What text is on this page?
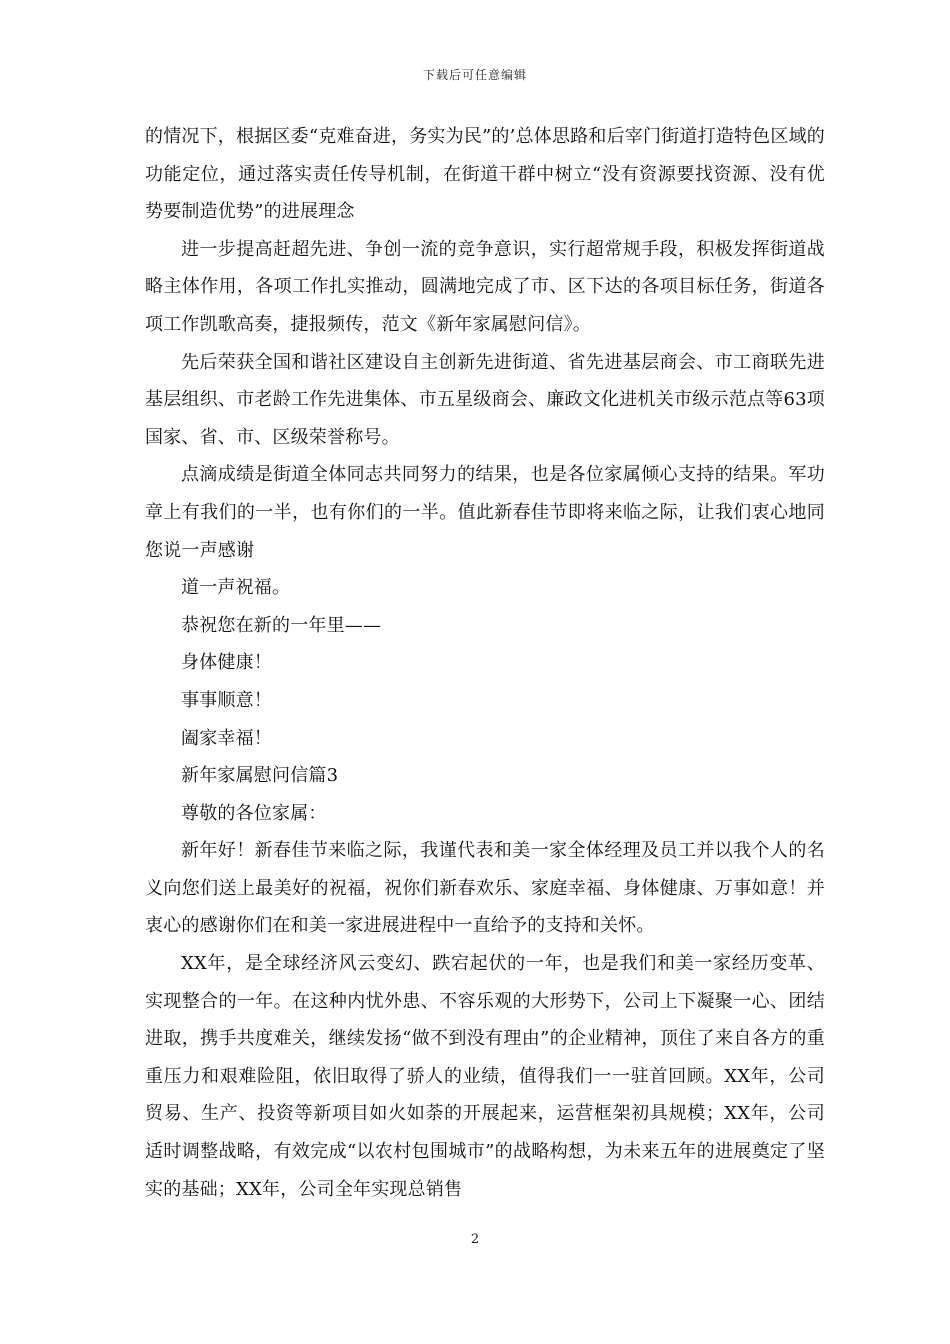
下载后可任意编辑

的情况下，根据区委“克难奋进，务实为民”的’总体思路和后宰门街道打造特色区域的功能定位，通过落实责任传导机制，在街道干群中树立“没有资源要找资源、没有优势要制造优势”的进展理念

进一步提高赶超先进、争创一流的竞争意识，实行超常规手段，积极发挥街道战略主体作用，各项工作扎实推动，圆满地完成了市、区下达的各项目标任务，街道各项工作凯歌高奏，捷报频传，范文《新年家属慰问信》。

先后荣获全国和谐社区建设自主创新先进街道、省先进基层商会、市工商联先进基层组织、市老龄工作先进集体、市五星级商会、廉政文化进机关市级示范点等63项国家、省、市、区级荣誉称号。

点滴成绩是街道全体同志共同努力的结果，也是各位家属倾心支持的结果。军功章上有我们的一半，也有你们的一半。值此新春佳节即将来临之际，让我们衷心地同您说一声感谢

道一声祝福。

恭祝您在新的一年里——

身体健康！

事事顺意！

阖家幸福！

新年家属慰问信篇3

尊敬的各位家属：

新年好！新春佳节来临之际，我谨代表和美一家全体经理及员工并以我个人的名义向您们送上最美好的祝福，祝你们新春欢乐、家庭幸福、身体健康、万事如意！并衷心的感谢你们在和美一家进展进程中一直给予的支持和关怀。

XX年，是全球经济风云变幻、跌宕起伏的一年，也是我们和美一家经历变革、实现整合的一年。在这种内忧外患、不容乐观的大形势下，公司上下凝聚一心、团结进取，携手共度难关，继续发扬“做不到没有理由”的企业精神，顶住了来自各方的重重压力和艰难险阻，依旧取得了骄人的业绩，值得我们一一驻首回顾。XX年，公司贸易、生产、投资等新项目如火如荼的开展起来，运营框架初具规模；XX年，公司适时调整战略，有效完成“以农村包围城市”的战略构想，为未来五年的进展奠定了坚实的基础；XX年，公司全年实现总销售

2
